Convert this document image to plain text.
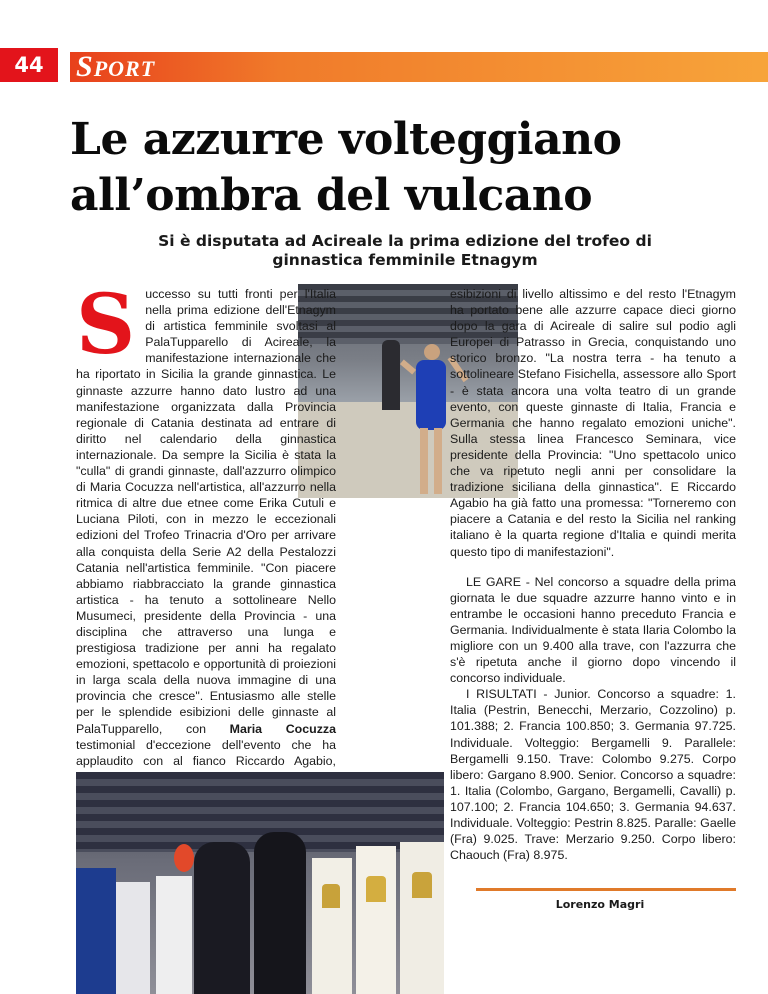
44	SPORT
Le azzurre volteggiano all’ombra del vulcano
Si è disputata ad Acireale la prima edizione del trofeo di ginnastica femminile Etnagym
S uccesso su tutti fronti per l'Italia nella prima edizione dell'Etnagym di artistica femminile svoltasi al PalaTupparello di Acireale, la manifestazione internazionale che ha riportato in Sicilia la grande ginnastica. Le ginnaste azzurre hanno dato lustro ad una manifestazione organizzata dalla Provincia regionale di Catania destinata ad entrare di diritto nel calendario della ginnastica internazionale. Da sempre la Sicilia è stata la "culla" di grandi ginnaste, dall'azzurro olimpico di Maria Cocuzza nell'artistica, all'azzurro nella ritmica di altre due etnee come Erika Cutuli e Luciana Piloti, con in mezzo le eccezionali edizioni del Trofeo Trinacria d'Oro per arrivare alla conquista della Serie A2 della Pestalozzi Catania nell'artistica femminile. "Con piacere abbiamo riabbracciato la grande ginnastica artistica - ha tenuto a sottolineare Nello Musumeci, presidente della Provincia - una disciplina che attraverso una lunga e prestigiosa tradizione per anni ha regalato emozioni, spettacolo e opportunità di proiezioni in larga scala della nuova immagine di una provincia che cresce". Entusiasmo alle stelle per le splendide esibizioni delle ginnaste al PalaTupparello, con Maria Cocuzza testimonial d'eccezione dell'evento che ha applaudito con al fianco Riccardo Agabio,

esibizioni di livello altissimo e del resto l'Etnagym ha portato bene alle azzurre capace dieci giorno dopo la gara di Acireale di salire sul podio agli Europei di Patrasso in Grecia, conquistando uno storico bronzo. "La nostra terra - ha tenuto a sottolineare Stefano Fisichella, assessore allo Sport - è stata ancora una volta teatro di un grande evento, con queste ginnaste di Italia, Francia e Germania che hanno regalato emozioni uniche". Sulla stessa linea Francesco Seminara, vice presidente della Provincia: "Uno spettacolo unico che va ripetuto negli anni per consolidare la tradizione siciliana della ginnastica". E Riccardo Agabio ha già fatto una promessa: "Torneremo con piacere a Catania e del resto la Sicilia nel ranking italiano è la quarta regione d'Italia e quindi merita questo tipo di manifestazioni".

LE GARE - Nel concorso a squadre della prima giornata le due squadre azzurre hanno vinto e in entrambe le occasioni hanno preceduto Francia e Germania. Individualmente è stata Ilaria Colombo la migliore con un 9.400 alla trave, con l'azzurra che s'è ripetuta anche il giorno dopo vincendo il concorso individuale.

I RISULTATI - Junior. Concorso a squadre: 1. Italia (Pestrin, Benecchi, Merzario, Cozzolino) p. 101.388; 2. Francia 100.850; 3. Germania 97.725. Individuale. Volteggio: Bergamelli 9. Parallele: Bergamelli 9.150. Trave: Colombo 9.275. Corpo libero: Gargano 8.900. Senior. Concorso a squadre: 1. Italia (Colombo, Gargano, Bergamelli, Cavalli) p. 107.100; 2. Francia 104.650; 3. Germania 94.637. Individuale. Volteggio: Pestrin 8.825. Paralle: Gaelle (Fra) 9.025. Trave: Merzario 9.250. Corpo libero: Chaouch (Fra) 8.975.

Lorenzo Magri
